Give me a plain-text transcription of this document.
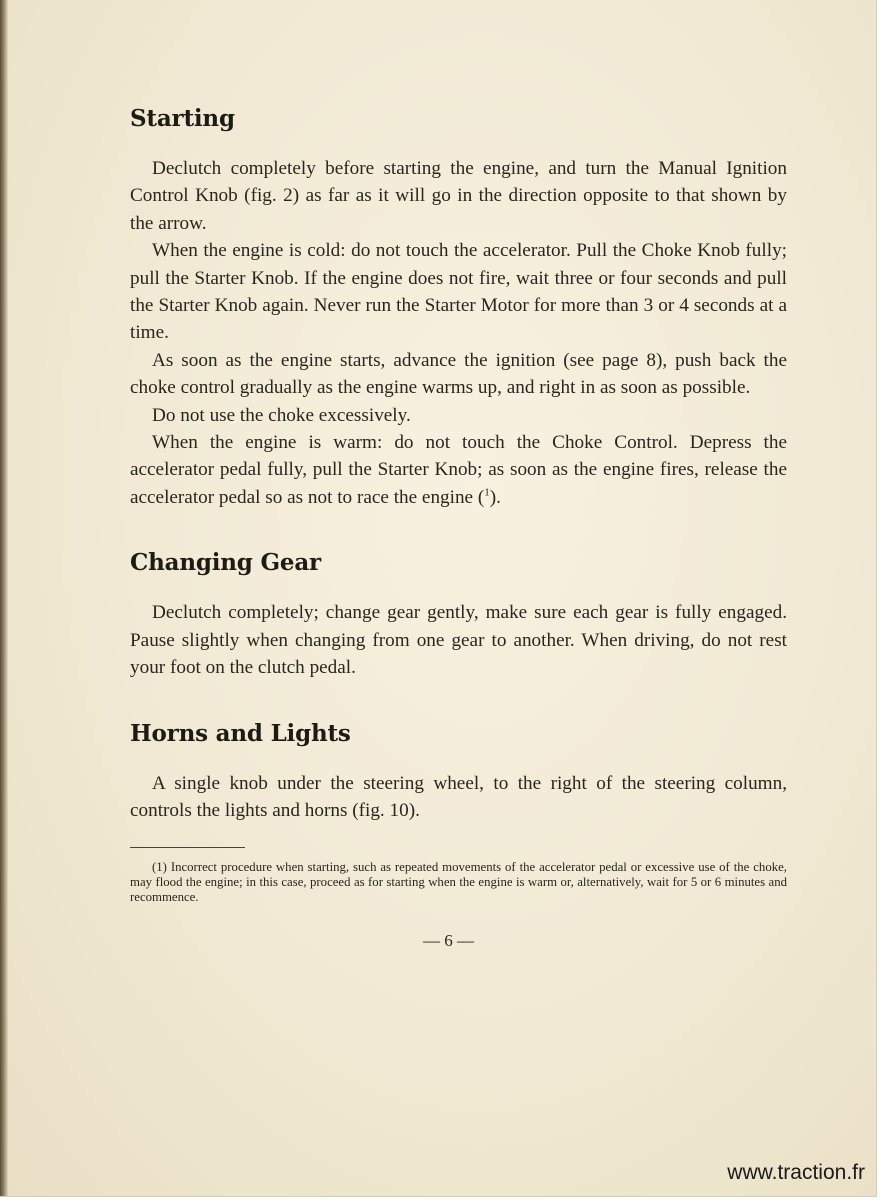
Starting

Declutch completely before starting the engine, and turn the Manual Ignition Control Knob (fig. 2) as far as it will go in the direction opposite to that shown by the arrow.

When the engine is cold: do not touch the accelerator. Pull the Choke Knob fully; pull the Starter Knob. If the engine does not fire, wait three or four seconds and pull the Starter Knob again. Never run the Starter Motor for more than 3 or 4 seconds at a time.

As soon as the engine starts, advance the ignition (see page 8), push back the choke control gradually as the engine warms up, and right in as soon as possible.

Do not use the choke excessively.

When the engine is warm: do not touch the Choke Control. Depress the accelerator pedal fully, pull the Starter Knob; as soon as the engine fires, release the accelerator pedal so as not to race the engine ($^1$).

Changing Gear

Declutch completely; change gear gently, make sure each gear is fully engaged. Pause slightly when changing from one gear to another. When driving, do not rest your foot on the clutch pedal.

Horns and Lights

A single knob under the steering wheel, to the right of the steering column, controls the lights and horns (fig. 10).

(1) Incorrect procedure when starting, such as repeated movements of the accelerator pedal or excessive use of the choke, may flood the engine; in this case, proceed as for starting when the engine is warm or, alternatively, wait for 5 or 6 minutes and recommence.
— 6 —
www.traction.fr
